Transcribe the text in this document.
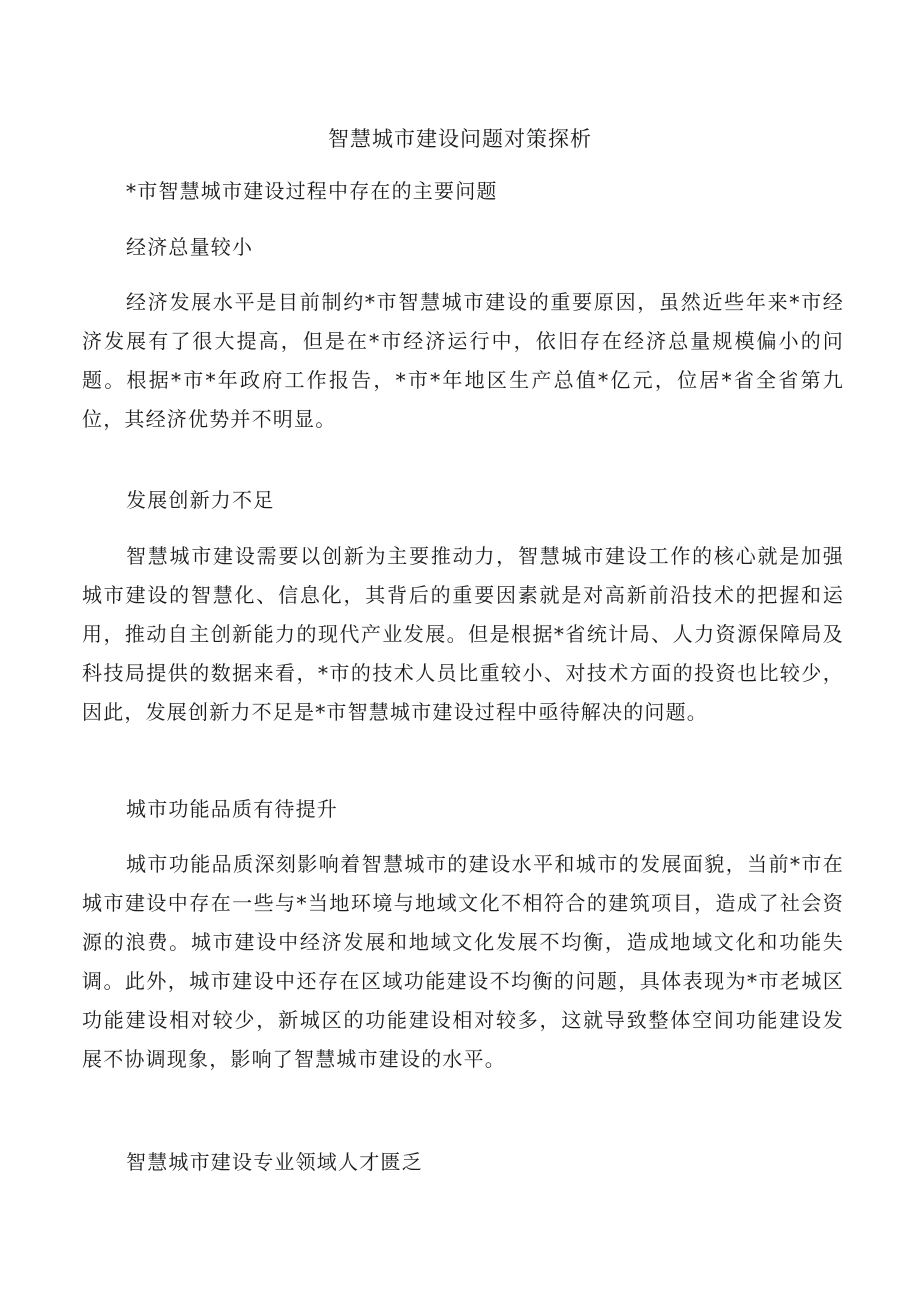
智慧城市建设问题对策探析

*市智慧城市建设过程中存在的主要问题

经济总量较小

经济发展水平是目前制约*市智慧城市建设的重要原因，虽然近些年来*市经济发展有了很大提高，但是在*市经济运行中，依旧存在经济总量规模偏小的问题。根据*市*年政府工作报告，*市*年地区生产总值*亿元，位居*省全省第九位，其经济优势并不明显。

发展创新力不足

智慧城市建设需要以创新为主要推动力，智慧城市建设工作的核心就是加强城市建设的智慧化、信息化，其背后的重要因素就是对高新前沿技术的把握和运用，推动自主创新能力的现代产业发展。但是根据*省统计局、人力资源保障局及科技局提供的数据来看，*市的技术人员比重较小、对技术方面的投资也比较少，因此，发展创新力不足是*市智慧城市建设过程中亟待解决的问题。

城市功能品质有待提升

城市功能品质深刻影响着智慧城市的建设水平和城市的发展面貌，当前*市在城市建设中存在一些与*当地环境与地域文化不相符合的建筑项目，造成了社会资源的浪费。城市建设中经济发展和地域文化发展不均衡，造成地域文化和功能失调。此外，城市建设中还存在区域功能建设不均衡的问题，具体表现为*市老城区功能建设相对较少，新城区的功能建设相对较多，这就导致整体空间功能建设发展不协调现象，影响了智慧城市建设的水平。

智慧城市建设专业领域人才匮乏
